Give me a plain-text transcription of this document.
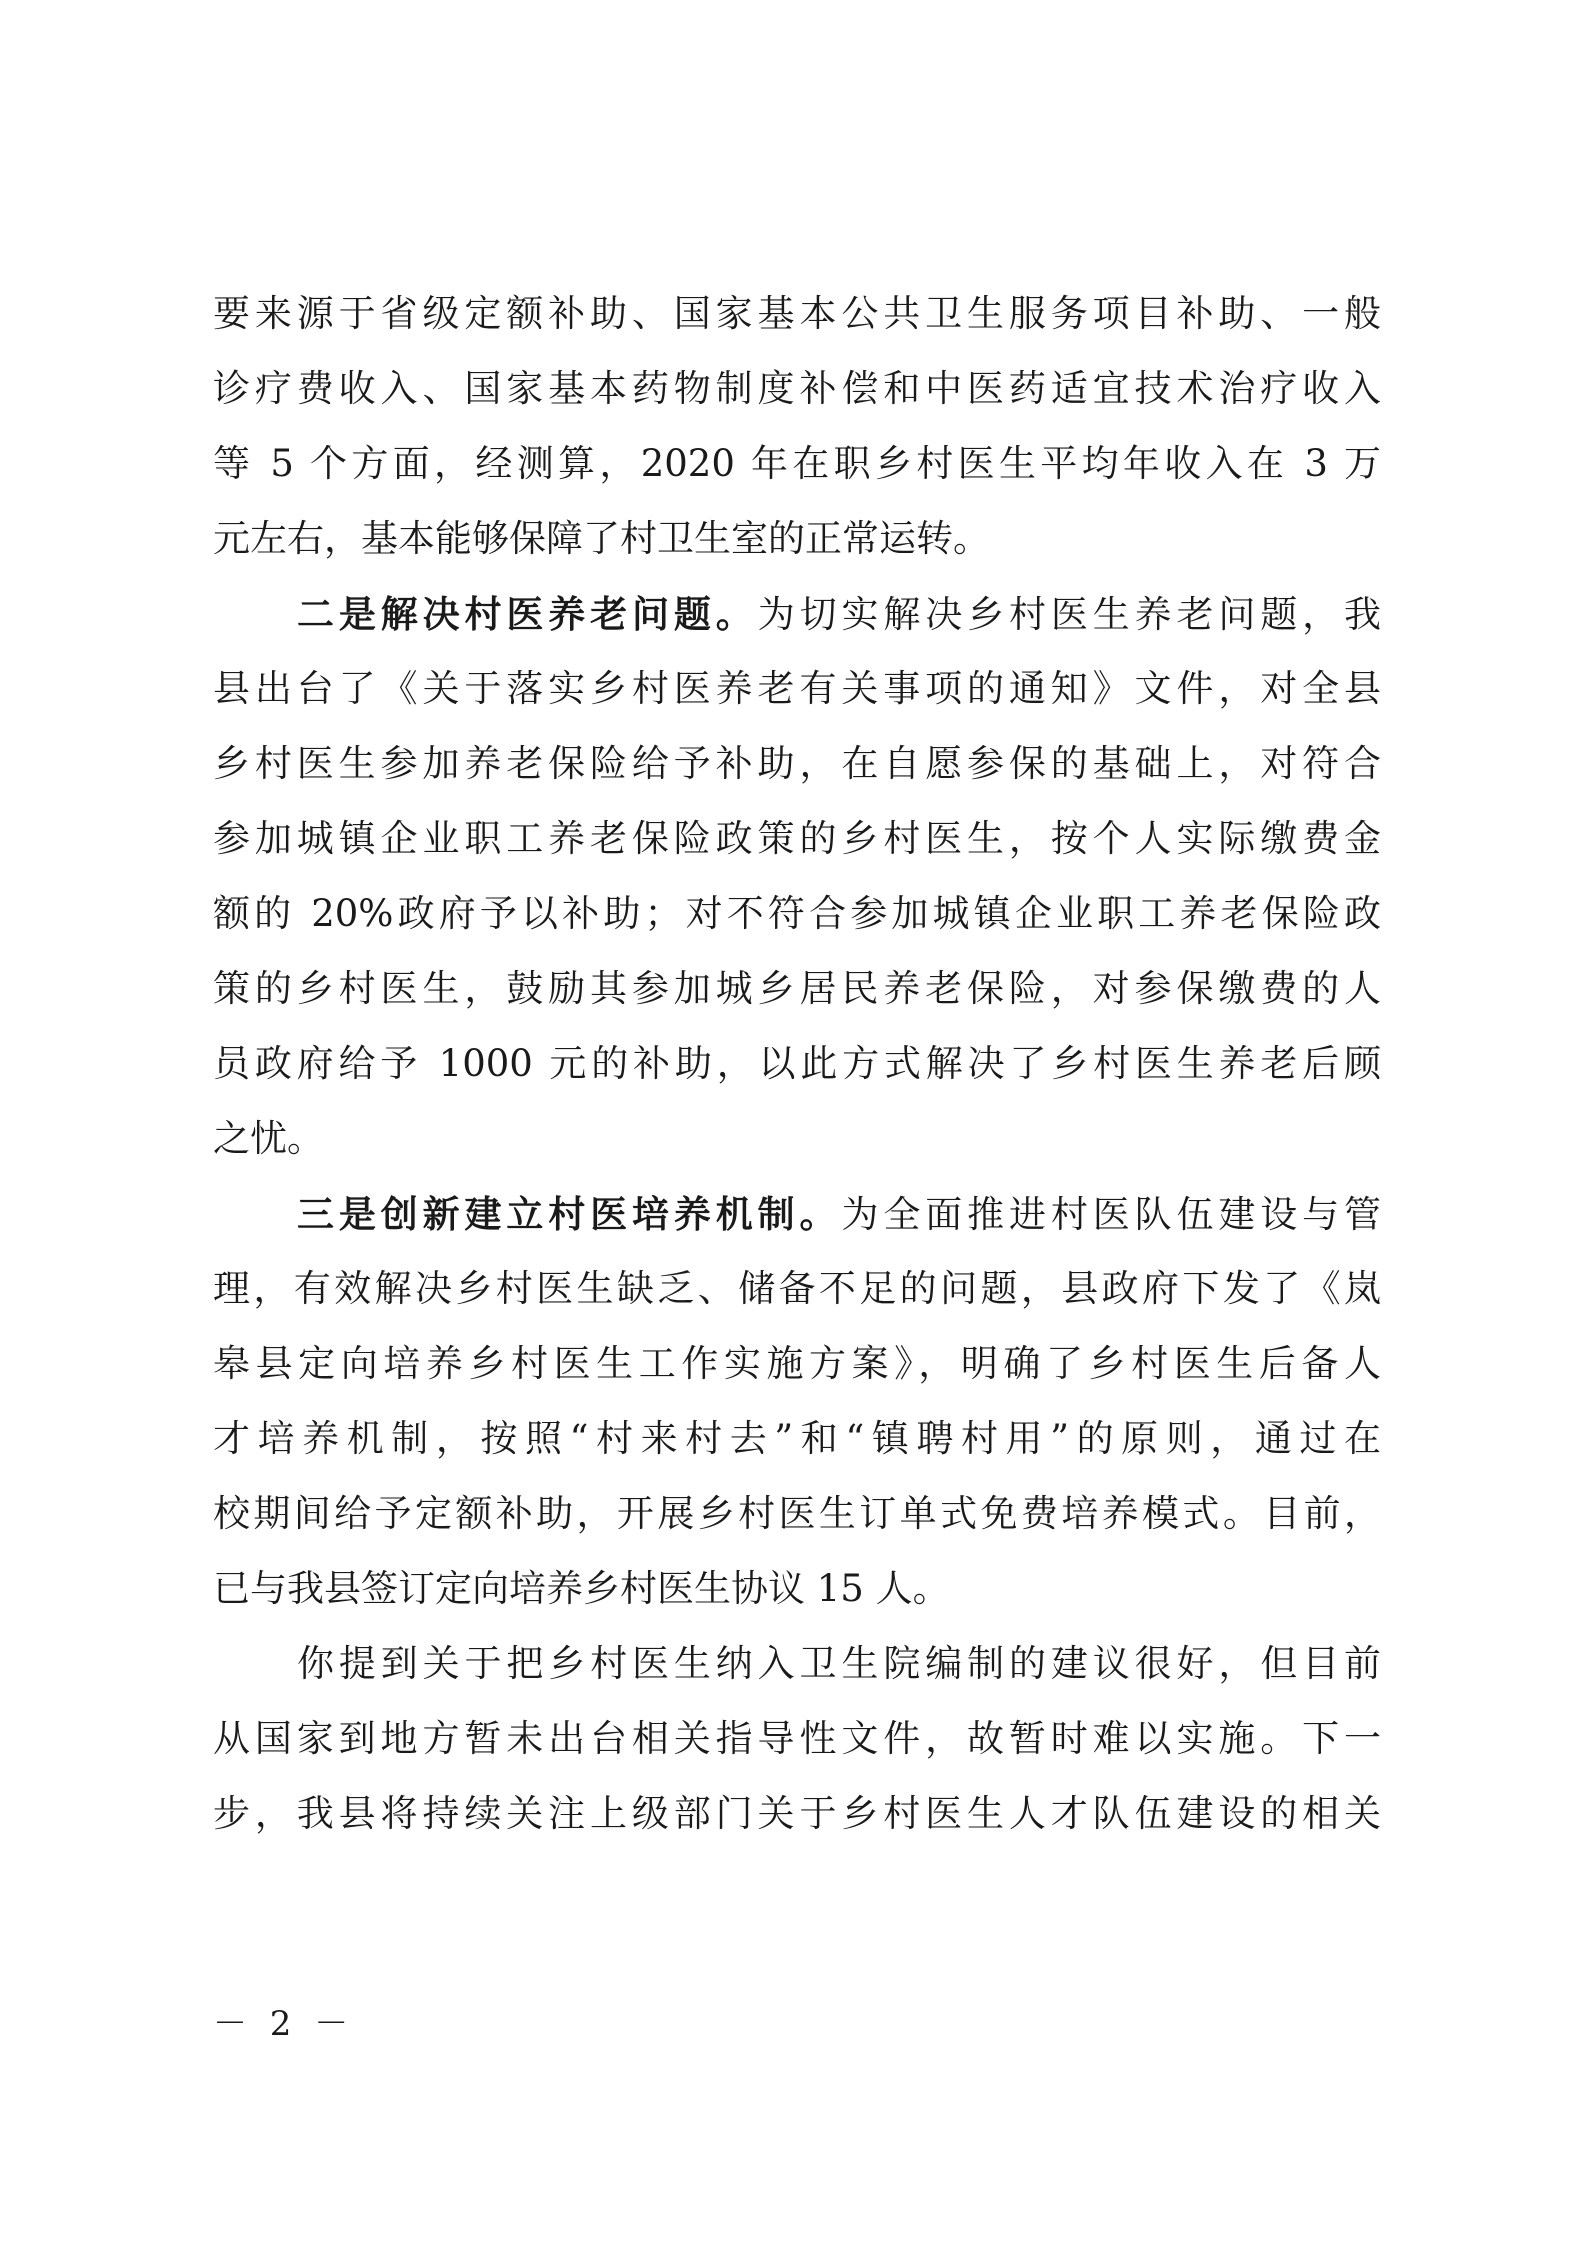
要来源于省级定额补助、国家基本公共卫生服务项目补助、一般
诊疗费收入、国家基本药物制度补偿和中医药适宜技术治疗收入
等 5 个方面，经测算，2020 年在职乡村医生平均年收入在 3 万
元左右，基本能够保障了村卫生室的正常运转。
二是解决村医养老问题。为切实解决乡村医生养老问题，我
县出台了《关于落实乡村医养老有关事项的通知》文件，对全县
乡村医生参加养老保险给予补助，在自愿参保的基础上，对符合
参加城镇企业职工养老保险政策的乡村医生，按个人实际缴费金
额的 20%政府予以补助；对不符合参加城镇企业职工养老保险政
策的乡村医生，鼓励其参加城乡居民养老保险，对参保缴费的人
员政府给予 1000 元的补助，以此方式解决了乡村医生养老后顾
之忧。
三是创新建立村医培养机制。为全面推进村医队伍建设与管
理，有效解决乡村医生缺乏、储备不足的问题，县政府下发了《岚
皋县定向培养乡村医生工作实施方案》，明确了乡村医生后备人
才培养机制，按照“村来村去”和“镇聘村用”的原则，通过在
校期间给予定额补助，开展乡村医生订单式免费培养模式。目前，
已与我县签订定向培养乡村医生协议 15 人。
你提到关于把乡村医生纳入卫生院编制的建议很好，但目前
从国家到地方暂未出台相关指导性文件，故暂时难以实施。下一
步，我县将持续关注上级部门关于乡村医生人才队伍建设的相关
－ 2 －
